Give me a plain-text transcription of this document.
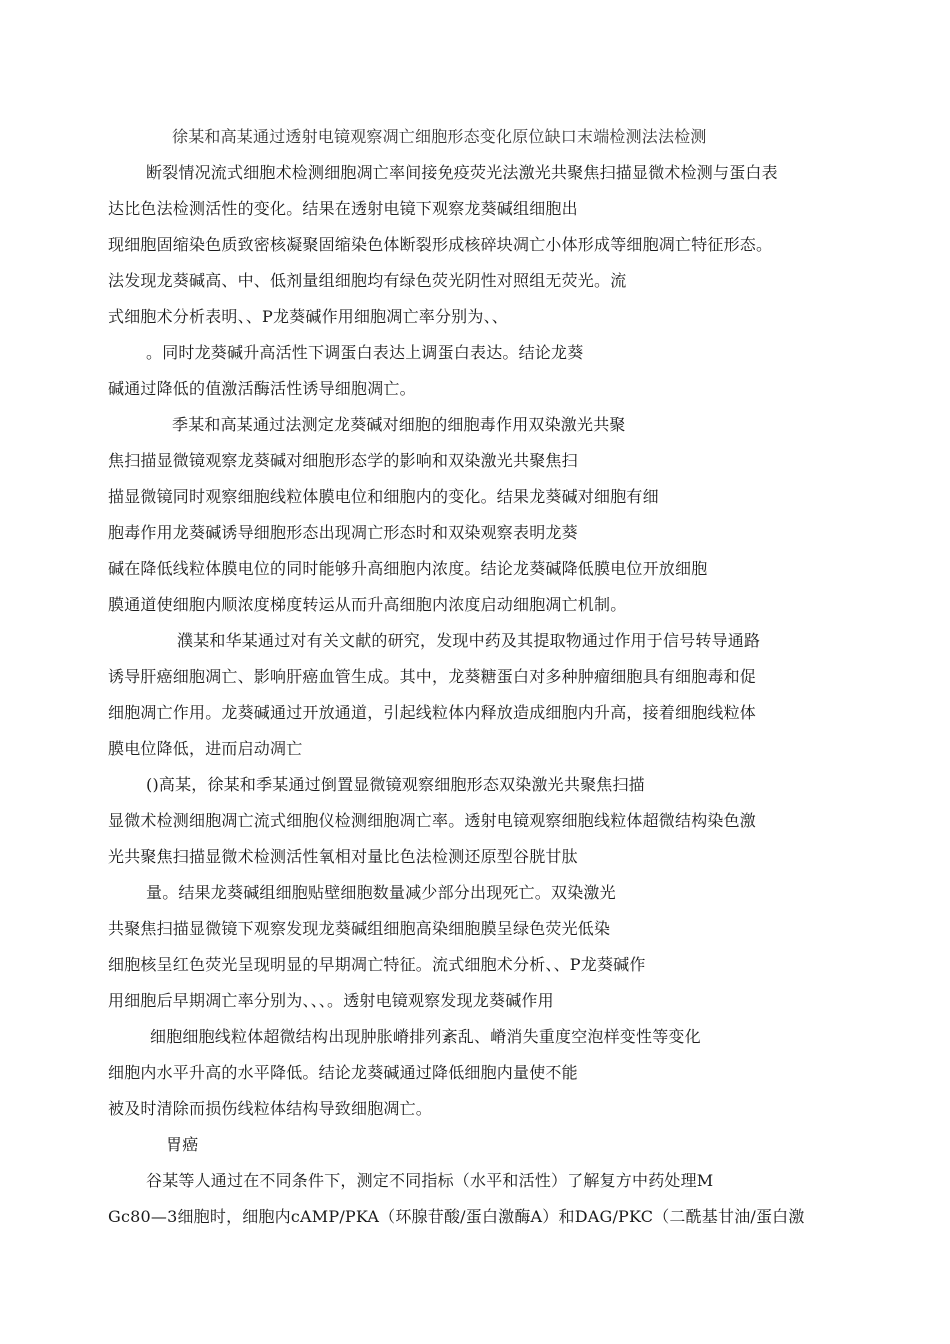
徐某和高某通过透射电镜观察凋亡细胞形态变化原位缺口末端检测法法检测
断裂情况流式细胞术检测细胞凋亡率间接免疫荧光法激光共聚焦扫描显微术检测与蛋白表
达比色法检测活性的变化。结果在透射电镜下观察龙葵碱组细胞出
现细胞固缩染色质致密核凝聚固缩染色体断裂形成核碎块凋亡小体形成等细胞凋亡特征形态。
法发现龙葵碱高、中、低剂量组细胞均有绿色荧光阴性对照组无荧光。流
式细胞术分析表明、、P龙葵碱作用细胞凋亡率分别为、、
。同时龙葵碱升高活性下调蛋白表达上调蛋白表达。结论龙葵
碱通过降低的值激活酶活性诱导细胞凋亡。
季某和高某通过法测定龙葵碱对细胞的细胞毒作用双染激光共聚
焦扫描显微镜观察龙葵碱对细胞形态学的影响和双染激光共聚焦扫
描显微镜同时观察细胞线粒体膜电位和细胞内的变化。结果龙葵碱对细胞有细
胞毒作用龙葵碱诱导细胞形态出现凋亡形态时和双染观察表明龙葵
碱在降低线粒体膜电位的同时能够升高细胞内浓度。结论龙葵碱降低膜电位开放细胞
膜通道使细胞内顺浓度梯度转运从而升高细胞内浓度启动细胞凋亡机制。
濮某和华某通过对有关文献的研究，发现中药及其提取物通过作用于信号转导通路
诱导肝癌细胞凋亡、影响肝癌血管生成。其中，龙葵糖蛋白对多种肿瘤细胞具有细胞毒和促
细胞凋亡作用。龙葵碱通过开放通道，引起线粒体内释放造成细胞内升高，接着细胞线粒体
膜电位降低，进而启动凋亡
()高某，徐某和季某通过倒置显微镜观察细胞形态双染激光共聚焦扫描
显微术检测细胞凋亡流式细胞仪检测细胞凋亡率。透射电镜观察细胞线粒体超微结构染色激
光共聚焦扫描显微术检测活性氧相对量比色法检测还原型谷胱甘肽
量。结果龙葵碱组细胞贴壁细胞数量减少部分出现死亡。双染激光
共聚焦扫描显微镜下观察发现龙葵碱组细胞高染细胞膜呈绿色荧光低染
细胞核呈红色荧光呈现明显的早期凋亡特征。流式细胞术分析、、P龙葵碱作
用细胞后早期凋亡率分别为、、、。透射电镜观察发现龙葵碱作用
细胞细胞线粒体超微结构出现肿胀嵴排列紊乱、嵴消失重度空泡样变性等变化
细胞内水平升高的水平降低。结论龙葵碱通过降低细胞内量使不能
被及时清除而损伤线粒体结构导致细胞凋亡。
胃癌
谷某等人通过在不同条件下，测定不同指标（水平和活性）了解复方中药处理M
Gc80—3细胞时，细胞内cAMP/PKA（环腺苷酸/蛋白激酶A）和DAG/PKC（二酰基甘油/蛋白激
